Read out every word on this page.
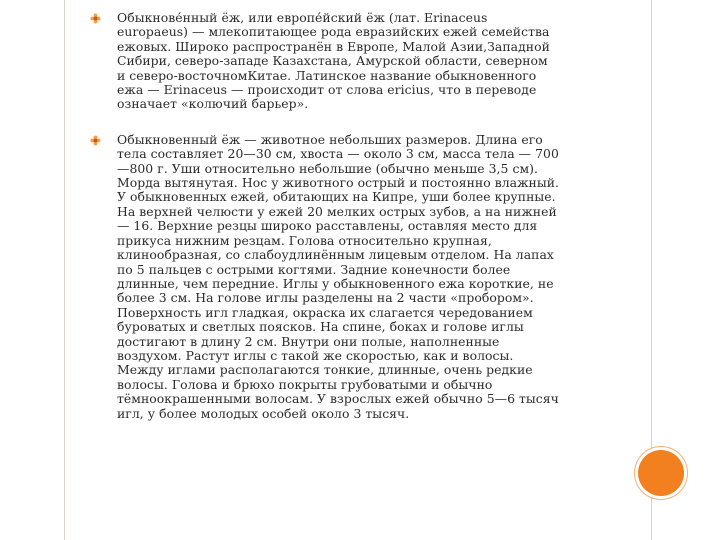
Обыкнове́нный ёж, или европе́йский ёж (лат. Erinaceus europaeus) — млекопитающее рода евразийских ежей семейства ежовых. Широко распространён в Европе, Малой Азии,Западной Сибири, северо-западе Казахстана, Амурской области, северном и северо-восточномКитае. Латинское название обыкновенного ежа — Erinaceus — происходит от слова ericius, что в переводе означает «колючий барьер».
Обыкновенный ёж — животное небольших размеров. Длина его тела составляет 20—30 см, хвоста — около 3 см, масса тела — 700—800 г. Уши относительно небольшие (обычно меньше 3,5 см). Морда вытянутая. Нос у животного острый и постоянно влажный. У обыкновенных ежей, обитающих на Кипре, уши более крупные. На верхней челюсти у ежей 20 мелких острых зубов, а на нижней — 16. Верхние резцы широко расставлены, оставляя место для прикуса нижним резцам. Голова относительно крупная, клинообразная, со слабоудлинённым лицевым отделом. На лапах по 5 пальцев с острыми когтями. Задние конечности более длинные, чем передние. Иглы у обыкновенного ежа короткие, не более 3 см. На голове иглы разделены на 2 части «пробором». Поверхность игл гладкая, окраска их слагается чередованием буроватых и светлых поясков. На спине, боках и голове иглы достигают в длину 2 см. Внутри они полые, наполненные воздухом. Растут иглы с такой же скоростью, как и волосы. Между иглами располагаются тонкие, длинные, очень редкие волосы. Голова и брюхо покрыты грубоватыми и обычно тёмноокрашенными волосам. У взрослых ежей обычно 5—6 тысяч игл, у более молодых особей около 3 тысяч.
